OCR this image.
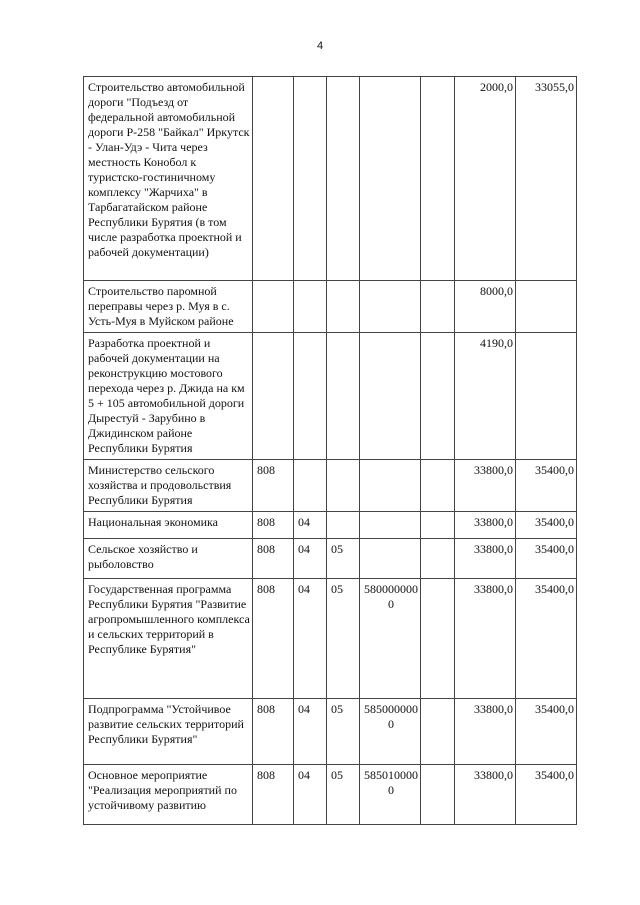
4
Строительство автомобильной дороги "Подъезд от федеральной автомобильной дороги Р-258 "Байкал" Иркутск - Улан-Удэ - Чита через местность Конобол к туристско-гостиничному комплексу "Жарчиха" в Тарбагатайском районе Республики Бурятия (в том числе разработка проектной и рабочей документации)						2000,0	33055,0
Строительство паромной переправы через р. Муя в с. Усть-Муя в Муйском районе						8000,0	
Разработка проектной и рабочей документации на реконструкцию мостового перехода через р. Джида на км 5 + 105 автомобильной дороги Дырестуй - Зарубино в Джидинском районе Республики Бурятия						4190,0	
Министерство сельского хозяйства и продовольствия Республики Бурятия	808					33800,0	35400,0
Национальная экономика	808	04				33800,0	35400,0
Сельское хозяйство и рыболовство	808	04	05			33800,0	35400,0
Государственная программа Республики Бурятия "Развитие агропромышленного комплекса и сельских территорий в Республике Бурятия"	808	04	05	5800000000		33800,0	35400,0
Подпрограмма "Устойчивое развитие сельских территорий Республики Бурятия"	808	04	05	5850000000		33800,0	35400,0
Основное мероприятие "Реализация мероприятий по устойчивому развитию	808	04	05	5850100000		33800,0	35400,0
